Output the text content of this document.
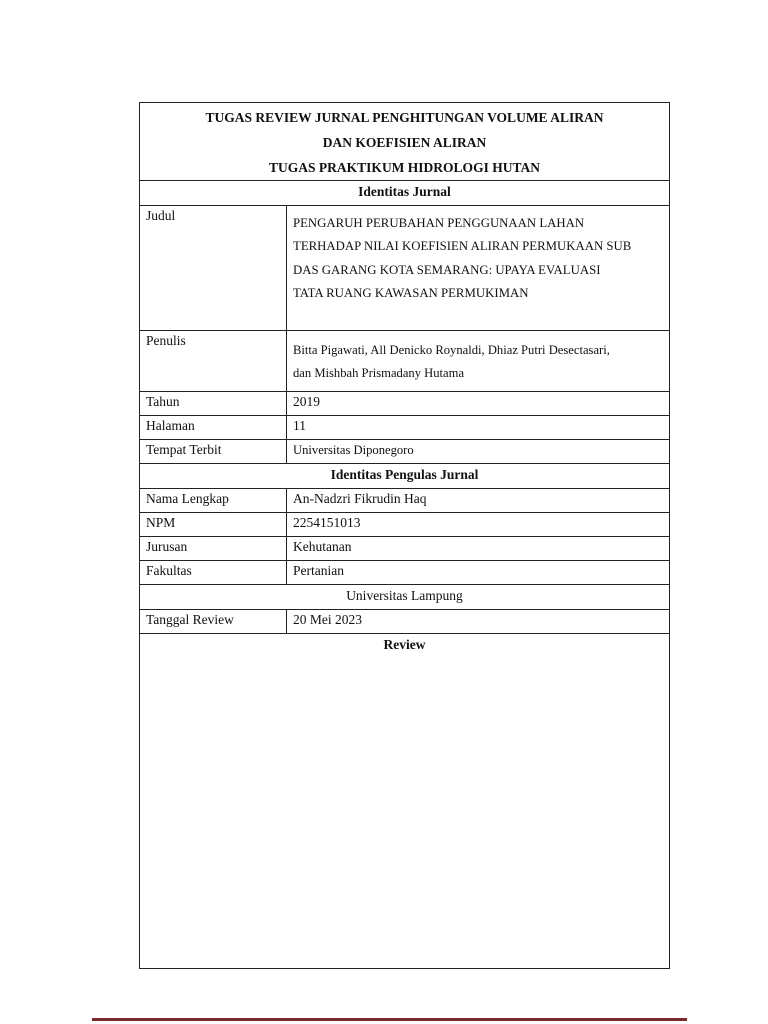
TUGAS REVIEW JURNAL PENGHITUNGAN VOLUME ALIRAN
DAN KOEFISIEN ALIRAN
TUGAS PRAKTIKUM HIDROLOGI HUTAN	

Identitas Jurnal	
Judul	PENGARUH PERUBAHAN PENGGUNAAN LAHAN
TERHADAP NILAI KOEFISIEN ALIRAN PERMUKAAN SUB
DAS GARANG KOTA SEMARANG: UPAYA EVALUASI
TATA RUANG KAWASAN PERMUKIMAN

Penulis	Bitta Pigawati, All Denicko Roynaldi, Dhiaz Putri Desectasari,
dan Mishbah Prismadany Hutama

Tahun	2019
Halaman	11
Tempat Terbit	Universitas Diponegoro
Identitas Pengulas Jurnal	
Nama Lengkap	An-Nadzri Fikrudin Haq
NPM	2254151013
Jurusan	Kehutanan
Fakultas	Pertanian
Universitas Lampung	
Tanggal Review	20 Mei 2023

Review	
